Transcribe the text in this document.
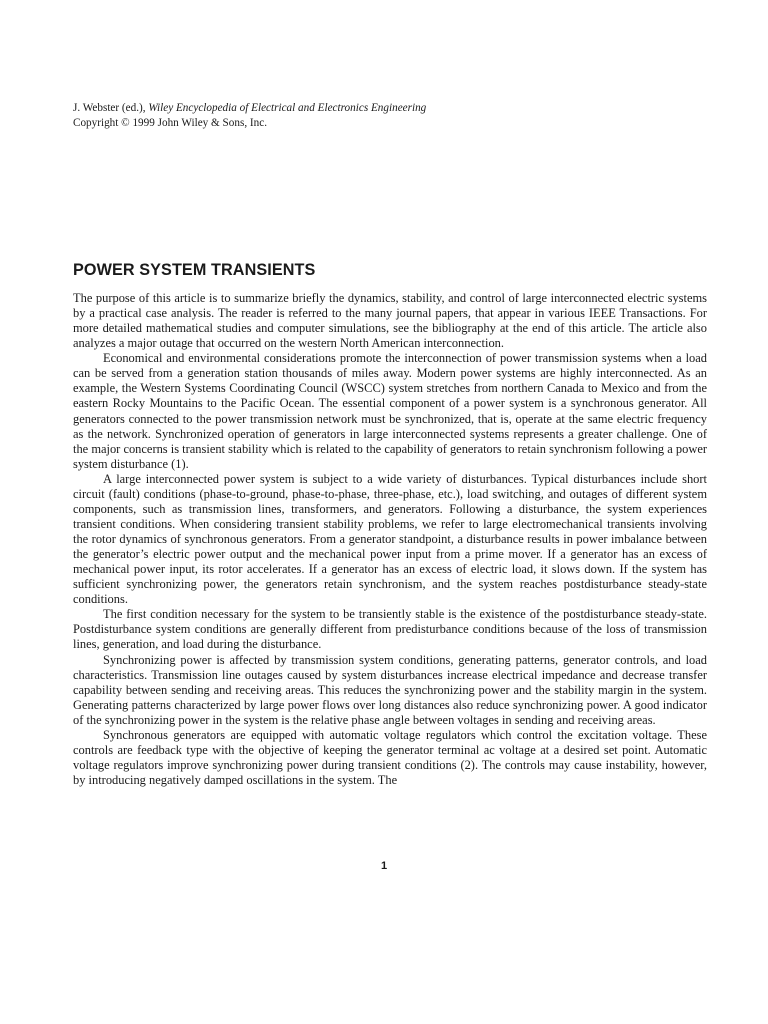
J. Webster (ed.), Wiley Encyclopedia of Electrical and Electronics Engineering
Copyright © 1999 John Wiley & Sons, Inc.
POWER SYSTEM TRANSIENTS

The purpose of this article is to summarize briefly the dynamics, stability, and control of large interconnected electric systems by a practical case analysis. The reader is referred to the many journal papers, that appear in various IEEE Transactions. For more detailed mathematical studies and computer simulations, see the bibliography at the end of this article. The article also analyzes a major outage that occurred on the western North American interconnection.

Economical and environmental considerations promote the interconnection of power transmission systems when a load can be served from a generation station thousands of miles away. Modern power systems are highly interconnected. As an example, the Western Systems Coordinating Council (WSCC) system stretches from northern Canada to Mexico and from the eastern Rocky Mountains to the Pacific Ocean. The essential component of a power system is a synchronous generator. All generators connected to the power transmission network must be synchronized, that is, operate at the same electric frequency as the network. Synchronized operation of generators in large interconnected systems represents a greater challenge. One of the major concerns is transient stability which is related to the capability of generators to retain synchronism following a power system disturbance (1).

A large interconnected power system is subject to a wide variety of disturbances. Typical disturbances include short circuit (fault) conditions (phase-to-ground, phase-to-phase, three-phase, etc.), load switching, and outages of different system components, such as transmission lines, transformers, and generators. Following a disturbance, the system experiences transient conditions. When considering transient stability problems, we refer to large electromechanical transients involving the rotor dynamics of synchronous generators. From a generator standpoint, a disturbance results in power imbalance between the generator’s electric power output and the mechanical power input from a prime mover. If a generator has an excess of mechanical power input, its rotor accelerates. If a generator has an excess of electric load, it slows down. If the system has sufficient synchronizing power, the generators retain synchronism, and the system reaches postdisturbance steady-state conditions.

The first condition necessary for the system to be transiently stable is the existence of the postdisturbance steady-state. Postdisturbance system conditions are generally different from predisturbance conditions because of the loss of transmission lines, generation, and load during the disturbance.

Synchronizing power is affected by transmission system conditions, generating patterns, generator controls, and load characteristics. Transmission line outages caused by system disturbances increase electrical impedance and decrease transfer capability between sending and receiving areas. This reduces the synchronizing power and the stability margin in the system. Generating patterns characterized by large power flows over long distances also reduce synchronizing power. A good indicator of the synchronizing power in the system is the relative phase angle between voltages in sending and receiving areas.

Synchronous generators are equipped with automatic voltage regulators which control the excitation voltage. These controls are feedback type with the objective of keeping the generator terminal ac voltage at a desired set point. Automatic voltage regulators improve synchronizing power during transient conditions (2). The controls may cause instability, however, by introducing negatively damped oscillations in the system. The

1
